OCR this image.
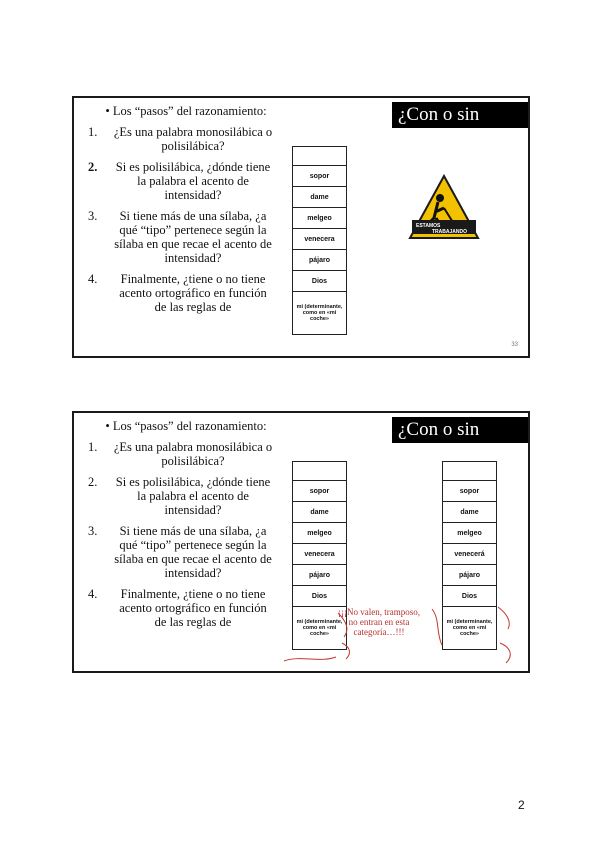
¿Con o sin
• Los “pasos” del razonamiento:
1. ¿Es una palabra monosilábica o polisilábica?
2. Si es polisilábica, ¿dónde tiene la palabra el acento de intensidad?
3. Si tiene más de una sílaba, ¿a qué “tipo” pertenece según la sílaba en que recae el acento de intensidad?
4. Finalmente, ¿tiene o no tiene acento ortográfico en función de las reglas de

sopor
dame
melgeo
venecera
pájaro
Dios
mi (determinante, como en «mi coche»
ESTAMOS
TRABAJANDO
33
¿Con o sin
• Los “pasos” del razonamiento:
1. ¿Es una palabra monosilábica o polisilábica?
2. Si es polisilábica, ¿dónde tiene la palabra el acento de intensidad?
3. Si tiene más de una sílaba, ¿a qué “tipo” pertenece según la sílaba en que recae el acento de intensidad?
4. Finalmente, ¿tiene o no tiene acento ortográfico en función de las reglas de

sopor
dame
melgeo
venecera
pájaro
Dios
mi (determinante, como en «mi coche»

sopor
dame
melgeo
venecerá
pájaro
Dios
mi (determinante, como en «mi coche»
¡¡¡No valen, tramposo, no entran en esta categoría…!!!
2
